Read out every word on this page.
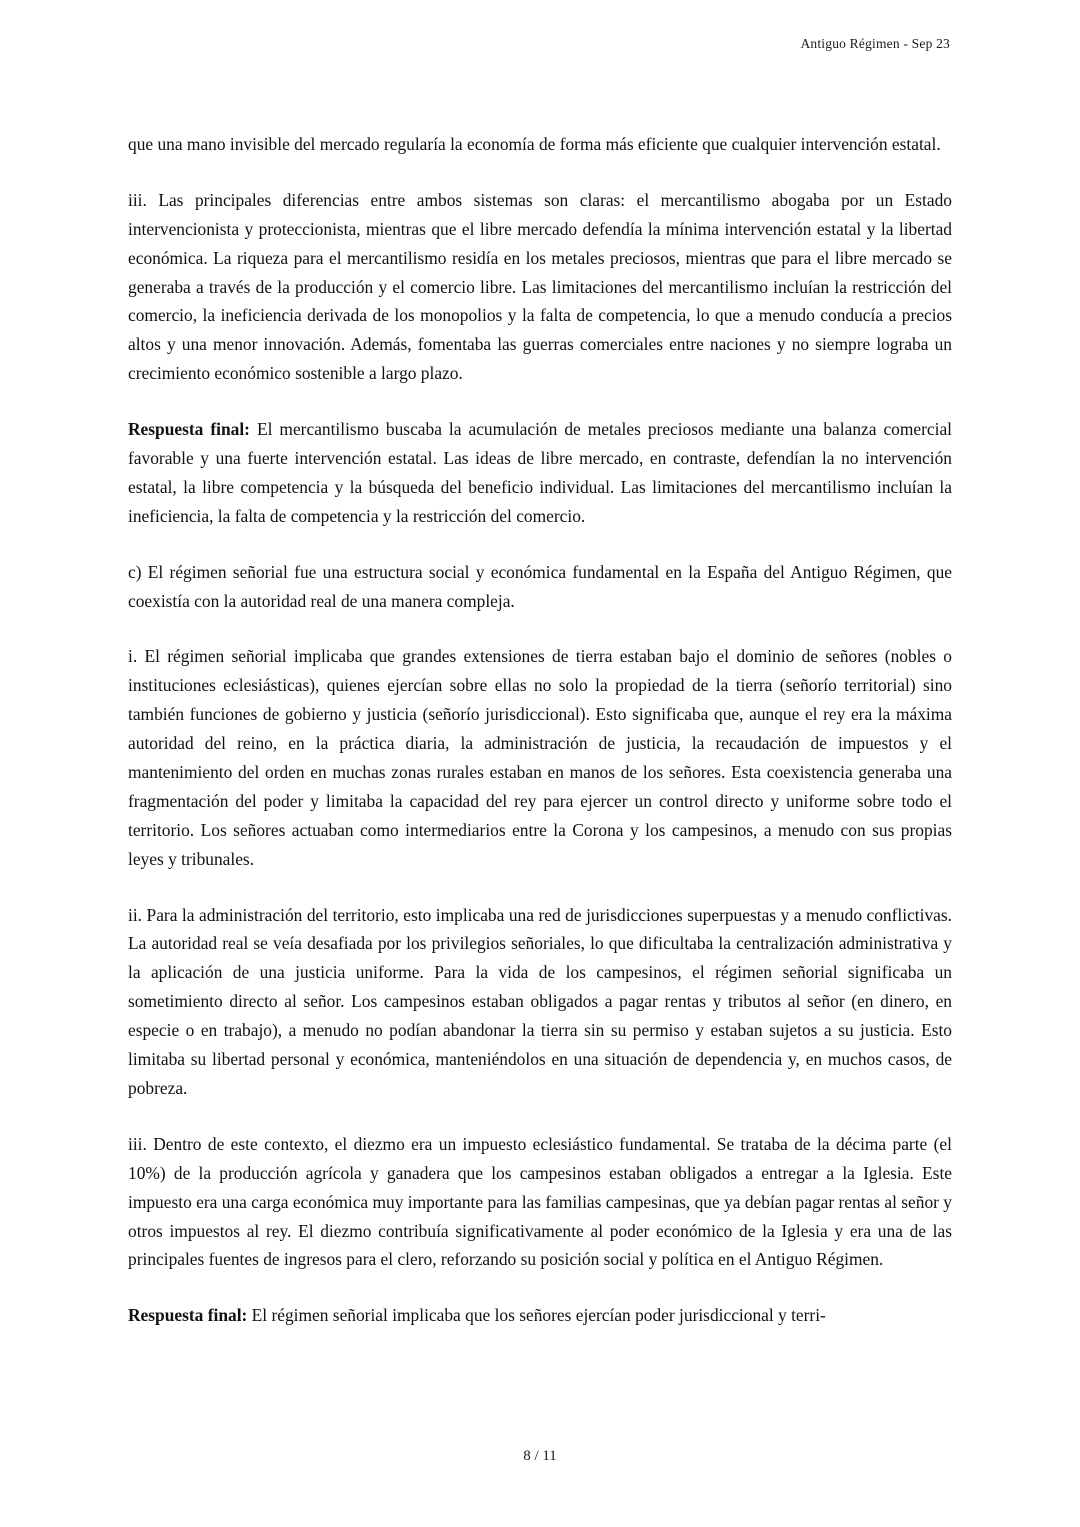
Antiguo Régimen - Sep 23

que una mano invisible del mercado regularía la economía de forma más eficiente que cualquier intervención estatal.

iii. Las principales diferencias entre ambos sistemas son claras: el mercantilismo abogaba por un Estado intervencionista y proteccionista, mientras que el libre mercado defendía la mínima intervención estatal y la libertad económica. La riqueza para el mercantilismo residía en los metales preciosos, mientras que para el libre mercado se generaba a través de la producción y el comercio libre. Las limitaciones del mercantilismo incluían la restricción del comercio, la ineficiencia derivada de los monopolios y la falta de competencia, lo que a menudo conducía a precios altos y una menor innovación. Además, fomentaba las guerras comerciales entre naciones y no siempre lograba un crecimiento económico sostenible a largo plazo.

Respuesta final: El mercantilismo buscaba la acumulación de metales preciosos mediante una balanza comercial favorable y una fuerte intervención estatal. Las ideas de libre mercado, en contraste, defendían la no intervención estatal, la libre competencia y la búsqueda del beneficio individual. Las limitaciones del mercantilismo incluían la ineficiencia, la falta de competencia y la restricción del comercio.

c) El régimen señorial fue una estructura social y económica fundamental en la España del Antiguo Régimen, que coexistía con la autoridad real de una manera compleja.

i. El régimen señorial implicaba que grandes extensiones de tierra estaban bajo el dominio de señores (nobles o instituciones eclesiásticas), quienes ejercían sobre ellas no solo la propiedad de la tierra (señorío territorial) sino también funciones de gobierno y justicia (señorío jurisdiccional). Esto significaba que, aunque el rey era la máxima autoridad del reino, en la práctica diaria, la administración de justicia, la recaudación de impuestos y el mantenimiento del orden en muchas zonas rurales estaban en manos de los señores. Esta coexistencia generaba una fragmentación del poder y limitaba la capacidad del rey para ejercer un control directo y uniforme sobre todo el territorio. Los señores actuaban como intermediarios entre la Corona y los campesinos, a menudo con sus propias leyes y tribunales.

ii. Para la administración del territorio, esto implicaba una red de jurisdicciones superpuestas y a menudo conflictivas. La autoridad real se veía desafiada por los privilegios señoriales, lo que dificultaba la centralización administrativa y la aplicación de una justicia uniforme. Para la vida de los campesinos, el régimen señorial significaba un sometimiento directo al señor. Los campesinos estaban obligados a pagar rentas y tributos al señor (en dinero, en especie o en trabajo), a menudo no podían abandonar la tierra sin su permiso y estaban sujetos a su justicia. Esto limitaba su libertad personal y económica, manteniéndolos en una situación de dependencia y, en muchos casos, de pobreza.

iii. Dentro de este contexto, el diezmo era un impuesto eclesiástico fundamental. Se trataba de la décima parte (el 10%) de la producción agrícola y ganadera que los campesinos estaban obligados a entregar a la Iglesia. Este impuesto era una carga económica muy importante para las familias campesinas, que ya debían pagar rentas al señor y otros impuestos al rey. El diezmo contribuía significativamente al poder económico de la Iglesia y era una de las principales fuentes de ingresos para el clero, reforzando su posición social y política en el Antiguo Régimen.

Respuesta final: El régimen señorial implicaba que los señores ejercían poder jurisdiccional y terri-

8 / 11
